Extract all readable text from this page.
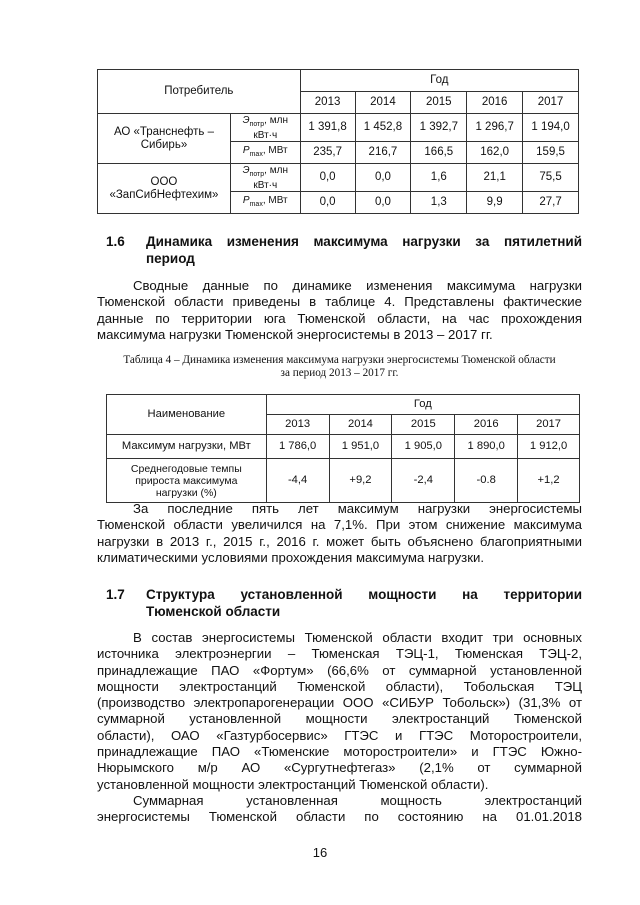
Потребитель		Год				
		2013	2014	2015	2016	2017
АО «Транснефть – Сибирь»	$Э_{потр}$, млн кВт·ч	1 391,8	1 452,8	1 392,7	1 296,7	1 194,0
	$P_{max}$, МВт	235,7	216,7	166,5	162,0	159,5
ООО «ЗапСибНефтехим»	$Э_{потр}$, млн кВт·ч	0,0	0,0	1,6	21,1	75,5
	$P_{max}$, МВт	0,0	0,0	1,3	9,9	27,7
1.6 Динамика изменения максимума нагрузки за пятилетний
период
Сводные данные по динамике изменения максимума нагрузки
Тюменской области приведены в таблице 4. Представлены фактические
данные по территории юга Тюменской области, на час прохождения
максимума нагрузки Тюменской энергосистемы в 2013 – 2017 гг.
Таблица 4 – Динамика изменения максимума нагрузки энергосистемы Тюменской области
за период 2013 – 2017 гг.
Наименование	Год				
	2013	2014	2015	2016	2017
Максимум нагрузки, МВт	1 786,0	1 951,0	1 905,0	1 890,0	1 912,0

Среднегодовые темпы
прироста максимума
нагрузки (%)	-4,4	+9,2	-2,4	-0.8	+1,2
За последние пять лет максимум нагрузки энергосистемы
Тюменской области увеличился на 7,1%. При этом снижение максимума
нагрузки в 2013 г., 2015 г., 2016 г. может быть объяснено благоприятными
климатическими условиями прохождения максимума нагрузки.
1.7 Структура установленной мощности на территории
Тюменской области
В состав энергосистемы Тюменской области входит три основных
источника электроэнергии – Тюменская ТЭЦ-1, Тюменская ТЭЦ-2,
принадлежащие ПАО «Фортум» (66,6% от суммарной установленной
мощности электростанций Тюменской области), Тобольская ТЭЦ
(производство электропарогенерации ООО «СИБУР Тобольск») (31,3% от
суммарной установленной мощности электростанций Тюменской
области), ОАО «Газтурбосервис» ГТЭС и ГТЭС Моторостроители,
принадлежащие ПАО «Тюменские моторостроители» и ГТЭС Южно-
Нюрымского м/р АО «Сургутнефтегаз» (2,1% от суммарной
установленной мощности электростанций Тюменской области).
Суммарная установленная мощность электростанций
энергосистемы Тюменской области по состоянию на 01.01.2018
16
